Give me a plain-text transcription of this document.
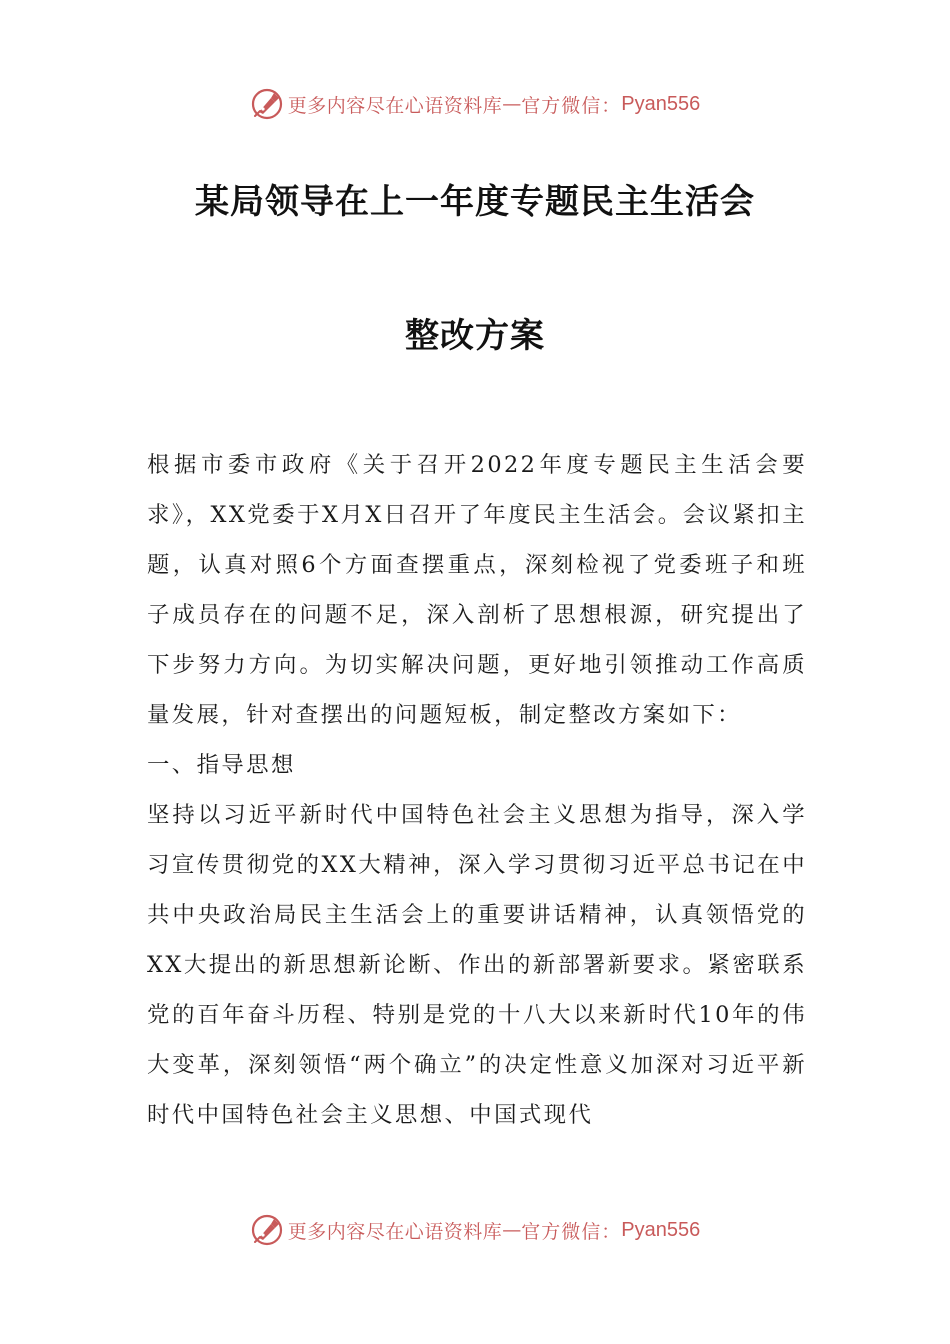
更多内容尽在心语资料库 — 官方微信： Pyan556
某局领导在上一年度专题民主生活会
整改方案

根据市委市政府《关于召开2022年度专题民主生活会要求》，XX党委于X月X日召开了年度民主生活会。会议紧扣主题，认真对照6个方面查摆重点，深刻检视了党委班子和班子成员存在的问题不足，深入剖析了思想根源，研究提出了下步努力方向。为切实解决问题，更好地引领推动工作高质量发展，针对查摆出的问题短板，制定整改方案如下：

一、指导思想

坚持以习近平新时代中国特色社会主义思想为指导，深入学习宣传贯彻党的XX大精神，深入学习贯彻习近平总书记在中共中央政治局民主生活会上的重要讲话精神，认真领悟党的XX大提出的新思想新论断、作出的新部署新要求。紧密联系党的百年奋斗历程、特别是党的十八大以来新时代10年的伟大变革，深刻领悟“两个确立”的决定性意义加深对习近平新时代中国特色社会主义思想、中国式现代

更多内容尽在心语资料库 — 官方微信： Pyan556
